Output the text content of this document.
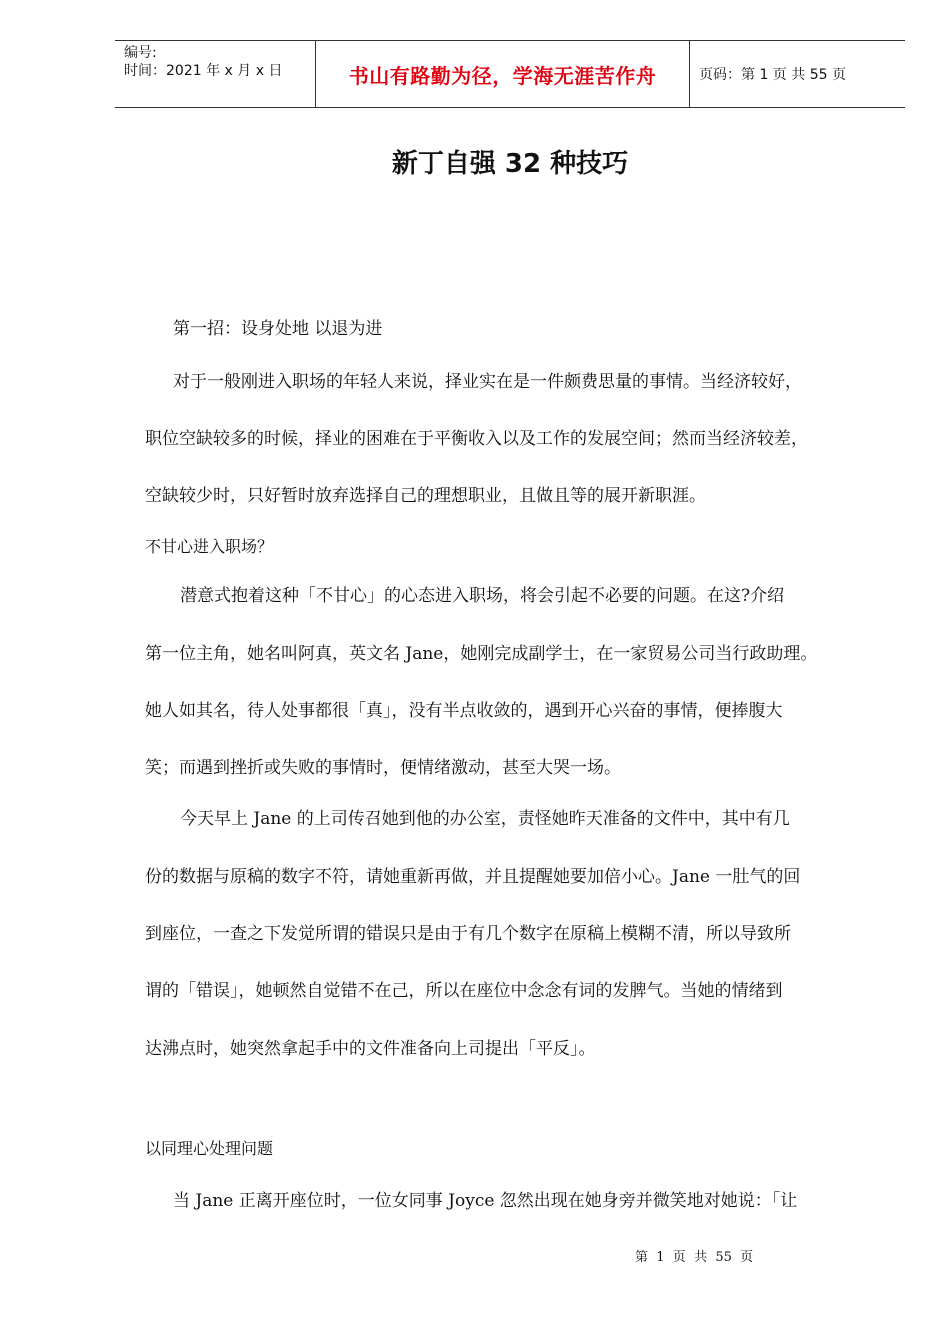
编号:
时间：2021 年 x 月 x 日	书山有路勤为径，学海无涯苦作舟	页码：第 1 页 共 55 页
新丁自强 32 种技巧
第一招：设身处地 以退为进
对于一般刚进入职场的年轻人来说，择业实在是一件颇费思量的事情。当经济较好，
职位空缺较多的时候，择业的困难在于平衡收入以及工作的发展空间；然而当经济较差，
空缺较少时，只好暂时放弃选择自己的理想职业，且做且等的展开新职涯。
不甘心进入职场？
潜意式抱着这种「不甘心」的心态进入职场，将会引起不必要的问题。在这?介绍
第一位主角，她名叫阿真，英文名 Jane，她刚完成副学士，在一家贸易公司当行政助理。
她人如其名，待人处事都很「真」，没有半点收敛的，遇到开心兴奋的事情，便捧腹大
笑；而遇到挫折或失败的事情时，便情绪激动，甚至大哭一场。
今天早上 Jane 的上司传召她到他的办公室，责怪她昨天准备的文件中，其中有几
份的数据与原稿的数字不符，请她重新再做，并且提醒她要加倍小心。Jane 一肚气的回
到座位，一查之下发觉所谓的错误只是由于有几个数字在原稿上模糊不清，所以导致所
谓的「错误」，她顿然自觉错不在己，所以在座位中念念有词的发脾气。当她的情绪到
达沸点时，她突然拿起手中的文件准备向上司提出「平反」。
以同理心处理问题
当 Jane 正离开座位时，一位女同事 Joyce 忽然出现在她身旁并微笑地对她说：「让
第  1  页  共  55  页
